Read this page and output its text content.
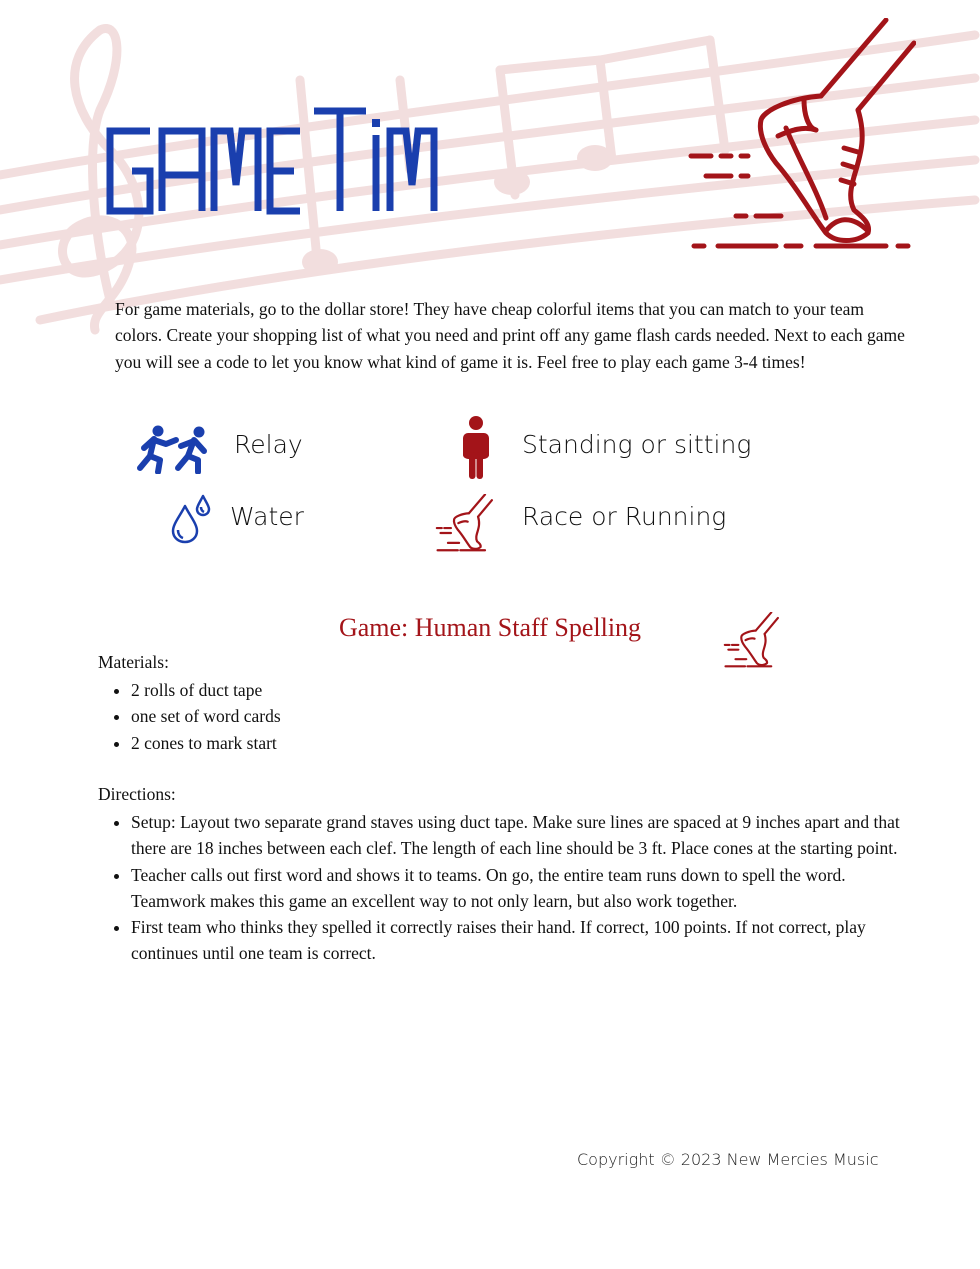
For game materials, go to the dollar store! They have cheap colorful items that you can match to your team colors. Create your shopping list of what you need and print off any game flash cards needed. Next to each game you will see a code to let you know what kind of game it is. Feel free to play each game 3-4 times!
Relay	Standing or sitting
Water	Race or Running
Game: Human Staff Spelling
Materials:
• 2 rolls of duct tape
• one set of word cards
• 2 cones to mark start
Directions:
• Setup: Layout two separate grand staves using duct tape. Make sure lines are spaced at 9 inches apart and that there are 18 inches between each clef. The length of each line should be 3 ft. Place cones at the starting point.
• Teacher calls out first word and shows it to teams. On go, the entire team runs down to spell the word. Teamwork makes this game an excellent way to not only learn, but also work together.
• First team who thinks they spelled it correctly raises their hand. If correct, 100 points. If not correct, play continues until one team is correct.
Copyright © 2023 New Mercies Music
